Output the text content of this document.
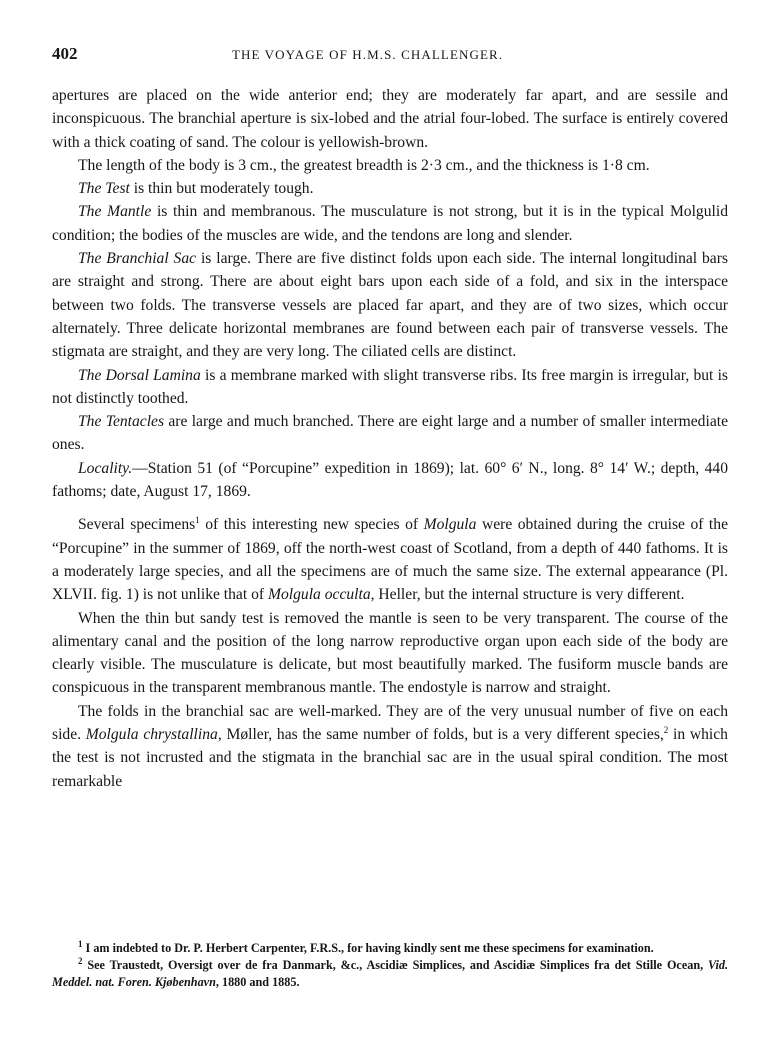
402	THE VOYAGE OF H.M.S. CHALLENGER.

apertures are placed on the wide anterior end; they are moderately far apart, and are sessile and inconspicuous. The branchial aperture is six-lobed and the atrial four-lobed. The surface is entirely covered with a thick coating of sand. The colour is yellowish-brown.

The length of the body is 3 cm., the greatest breadth is 2·3 cm., and the thickness is 1·8 cm.

The Test is thin but moderately tough.

The Mantle is thin and membranous. The musculature is not strong, but it is in the typical Molgulid condition; the bodies of the muscles are wide, and the tendons are long and slender.

The Branchial Sac is large. There are five distinct folds upon each side. The internal longitudinal bars are straight and strong. There are about eight bars upon each side of a fold, and six in the interspace between two folds. The transverse vessels are placed far apart, and they are of two sizes, which occur alternately. Three delicate horizontal membranes are found between each pair of transverse vessels. The stigmata are straight, and they are very long. The ciliated cells are distinct.

The Dorsal Lamina is a membrane marked with slight transverse ribs. Its free margin is irregular, but is not distinctly toothed.

The Tentacles are large and much branched. There are eight large and a number of smaller intermediate ones.

Locality.—Station 51 (of “Porcupine” expedition in 1869); lat. 60° 6′ N., long. 8° 14′ W.; depth, 440 fathoms; date, August 17, 1869.

Several specimens$^1$ of this interesting new species of Molgula were obtained during the cruise of the “Porcupine” in the summer of 1869, off the north-west coast of Scotland, from a depth of 440 fathoms. It is a moderately large species, and all the specimens are of much the same size. The external appearance (Pl. XLVII. fig. 1) is not unlike that of Molgula occulta, Heller, but the internal structure is very different.

When the thin but sandy test is removed the mantle is seen to be very transparent. The course of the alimentary canal and the position of the long narrow reproductive organ upon each side of the body are clearly visible. The musculature is delicate, but most beautifully marked. The fusiform muscle bands are conspicuous in the transparent membranous mantle. The endostyle is narrow and straight.

The folds in the branchial sac are well-marked. They are of the very unusual number of five on each side. Molgula chrystallina, Møller, has the same number of folds, but is a very different species,$^2$ in which the test is not incrusted and the stigmata in the branchial sac are in the usual spiral condition. The most remarkable

$^1$ I am indebted to Dr. P. Herbert Carpenter, F.R.S., for having kindly sent me these specimens for examination.
$^2$ See Traustedt, Oversigt over de fra Danmark, &c., Ascidiæ Simplices, and Ascidiæ Simplices fra det Stille Ocean, Vid. Meddel. nat. Foren. Kjøbenhavn, 1880 and 1885.
